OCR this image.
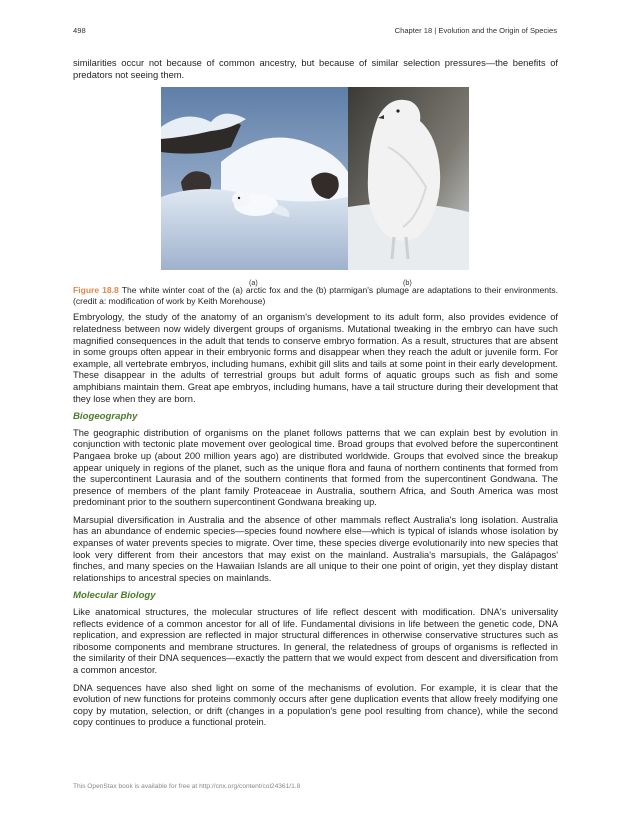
498	Chapter 18 | Evolution and the Origin of Species

similarities occur not because of common ancestry, but because of similar selection pressures—the benefits of predators not seeing them.

(a)	(b)

Figure 18.8 The white winter coat of the (a) arctic fox and the (b) ptarmigan's plumage are adaptations to their environments. (credit a: modification of work by Keith Morehouse)

Embryology, the study of the anatomy of an organism's development to its adult form, also provides evidence of relatedness between now widely divergent groups of organisms. Mutational tweaking in the embryo can have such magnified consequences in the adult that tends to conserve embryo formation. As a result, structures that are absent in some groups often appear in their embryonic forms and disappear when they reach the adult or juvenile form. For example, all vertebrate embryos, including humans, exhibit gill slits and tails at some point in their early development. These disappear in the adults of terrestrial groups but adult forms of aquatic groups such as fish and some amphibians maintain them. Great ape embryos, including humans, have a tail structure during their development that they lose when they are born.

Biogeography

The geographic distribution of organisms on the planet follows patterns that we can explain best by evolution in conjunction with tectonic plate movement over geological time. Broad groups that evolved before the supercontinent Pangaea broke up (about 200 million years ago) are distributed worldwide. Groups that evolved since the breakup appear uniquely in regions of the planet, such as the unique flora and fauna of northern continents that formed from the supercontinent Laurasia and of the southern continents that formed from the supercontinent Gondwana. The presence of members of the plant family Proteaceae in Australia, southern Africa, and South America was most predominant prior to the southern supercontinent Gondwana breaking up.

Marsupial diversification in Australia and the absence of other mammals reflect Australia's long isolation. Australia has an abundance of endemic species—species found nowhere else—which is typical of islands whose isolation by expanses of water prevents species to migrate. Over time, these species diverge evolutionarily into new species that look very different from their ancestors that may exist on the mainland. Australia's marsupials, the Galápagos' finches, and many species on the Hawaiian Islands are all unique to their one point of origin, yet they display distant relationships to ancestral species on mainlands.

Molecular Biology

Like anatomical structures, the molecular structures of life reflect descent with modification. DNA's universality reflects evidence of a common ancestor for all of life. Fundamental divisions in life between the genetic code, DNA replication, and expression are reflected in major structural differences in otherwise conservative structures such as ribosome components and membrane structures. In general, the relatedness of groups of organisms is reflected in the similarity of their DNA sequences—exactly the pattern that we would expect from descent and diversification from a common ancestor.

DNA sequences have also shed light on some of the mechanisms of evolution. For example, it is clear that the evolution of new functions for proteins commonly occurs after gene duplication events that allow freely modifying one copy by mutation, selection, or drift (changes in a population's gene pool resulting from chance), while the second copy continues to produce a functional protein.

This OpenStax book is available for free at http://cnx.org/content/col24361/1.8
